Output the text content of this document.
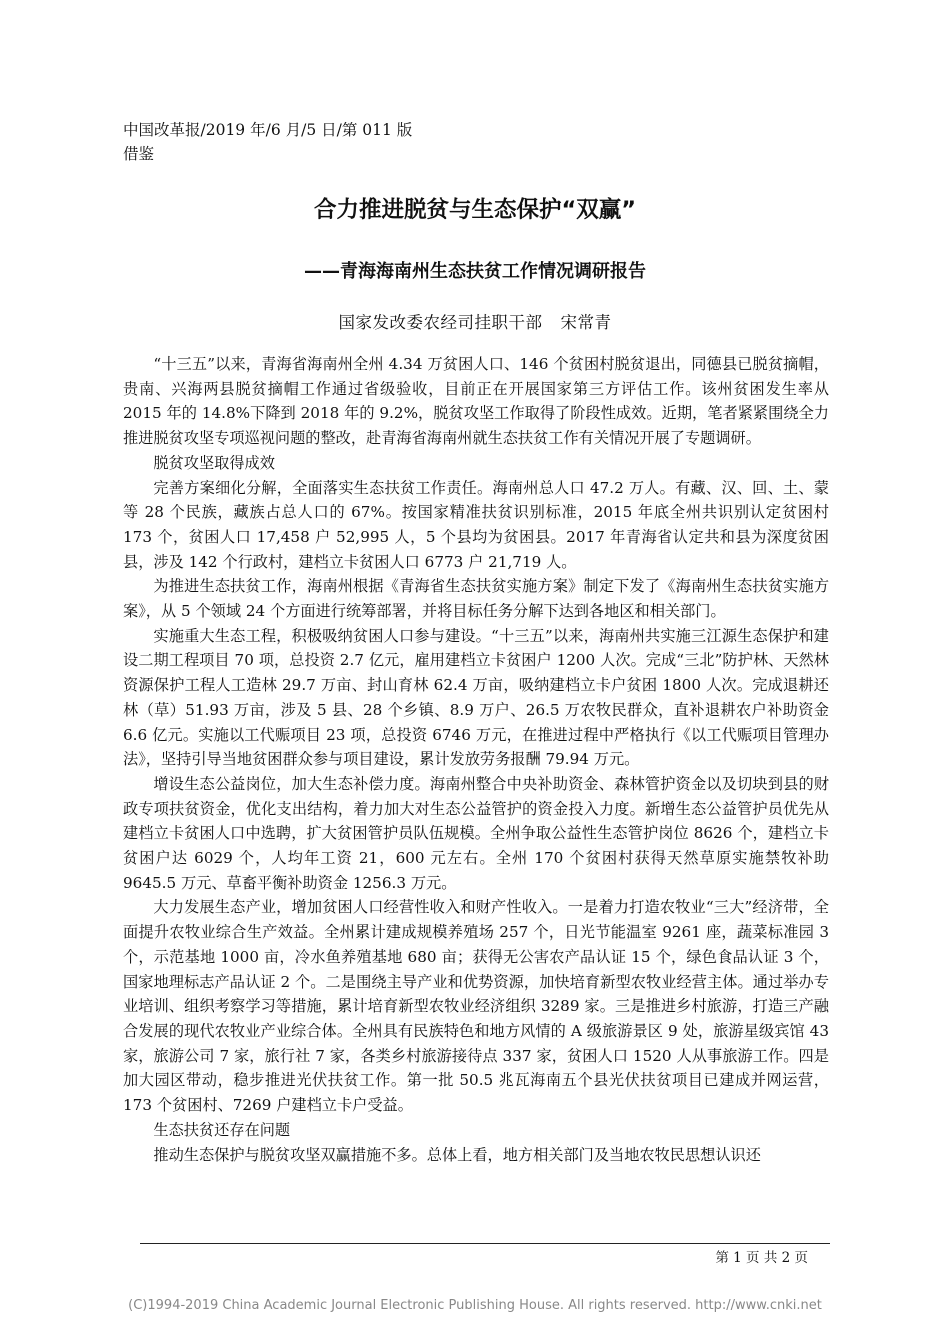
中国改革报/2019 年/6 月/5 日/第 011 版
借鉴
合力推进脱贫与生态保护“双赢”
——青海海南州生态扶贫工作情况调研报告
国家发改委农经司挂职干部 宋常青

“十三五”以来，青海省海南州全州 4.34 万贫困人口、146 个贫困村脱贫退出，同德县已脱贫摘帽，贵南、兴海两县脱贫摘帽工作通过省级验收，目前正在开展国家第三方评估工作。该州贫困发生率从 2015 年的 14.8%下降到 2018 年的 9.2%，脱贫攻坚工作取得了阶段性成效。近期，笔者紧紧围绕全力推进脱贫攻坚专项巡视问题的整改，赴青海省海南州就生态扶贫工作有关情况开展了专题调研。

脱贫攻坚取得成效

完善方案细化分解，全面落实生态扶贫工作责任。海南州总人口 47.2 万人。有藏、汉、回、土、蒙等 28 个民族，藏族占总人口的 67%。按国家精准扶贫识别标准，2015 年底全州共识别认定贫困村 173 个，贫困人口 17,458 户 52,995 人，5 个县均为贫困县。2017 年青海省认定共和县为深度贫困县，涉及 142 个行政村，建档立卡贫困人口 6773 户 21,719 人。

为推进生态扶贫工作，海南州根据《青海省生态扶贫实施方案》制定下发了《海南州生态扶贫实施方案》，从 5 个领域 24 个方面进行统筹部署，并将目标任务分解下达到各地区和相关部门。

实施重大生态工程，积极吸纳贫困人口参与建设。“十三五”以来，海南州共实施三江源生态保护和建设二期工程项目 70 项，总投资 2.7 亿元，雇用建档立卡贫困户 1200 人次。完成“三北”防护林、天然林资源保护工程人工造林 29.7 万亩、封山育林 62.4 万亩，吸纳建档立卡户贫困 1800 人次。完成退耕还林（草）51.93 万亩，涉及 5 县、28 个乡镇、8.9 万户、26.5 万农牧民群众，直补退耕农户补助资金 6.6 亿元。实施以工代赈项目 23 项，总投资 6746 万元，在推进过程中严格执行《以工代赈项目管理办法》，坚持引导当地贫困群众参与项目建设，累计发放劳务报酬 79.94 万元。

增设生态公益岗位，加大生态补偿力度。海南州整合中央补助资金、森林管护资金以及切块到县的财政专项扶贫资金，优化支出结构，着力加大对生态公益管护的资金投入力度。新增生态公益管护员优先从建档立卡贫困人口中选聘，扩大贫困管护员队伍规模。全州争取公益性生态管护岗位 8626 个，建档立卡贫困户达 6029 个，人均年工资 21，600 元左右。全州 170 个贫困村获得天然草原实施禁牧补助 9645.5 万元、草畜平衡补助资金 1256.3 万元。

大力发展生态产业，增加贫困人口经营性收入和财产性收入。一是着力打造农牧业“三大”经济带，全面提升农牧业综合生产效益。全州累计建成规模养殖场 257 个，日光节能温室 9261 座，蔬菜标准园 3 个，示范基地 1000 亩，冷水鱼养殖基地 680 亩；获得无公害农产品认证 15 个，绿色食品认证 3 个，国家地理标志产品认证 2 个。二是围绕主导产业和优势资源，加快培育新型农牧业经营主体。通过举办专业培训、组织考察学习等措施，累计培育新型农牧业经济组织 3289 家。三是推进乡村旅游，打造三产融合发展的现代农牧业产业综合体。全州具有民族特色和地方风情的 A 级旅游景区 9 处，旅游星级宾馆 43 家，旅游公司 7 家，旅行社 7 家，各类乡村旅游接待点 337 家，贫困人口 1520 人从事旅游工作。四是加大园区带动，稳步推进光伏扶贫工作。第一批 50.5 兆瓦海南五个县光伏扶贫项目已建成并网运营，173 个贫困村、7269 户建档立卡户受益。

生态扶贫还存在问题

推动生态保护与脱贫攻坚双赢措施不多。总体上看，地方相关部门及当地农牧民思想认识还

第 1 页 共 2 页
(C)1994-2019 China Academic Journal Electronic Publishing House. All rights reserved. http://www.cnki.net
